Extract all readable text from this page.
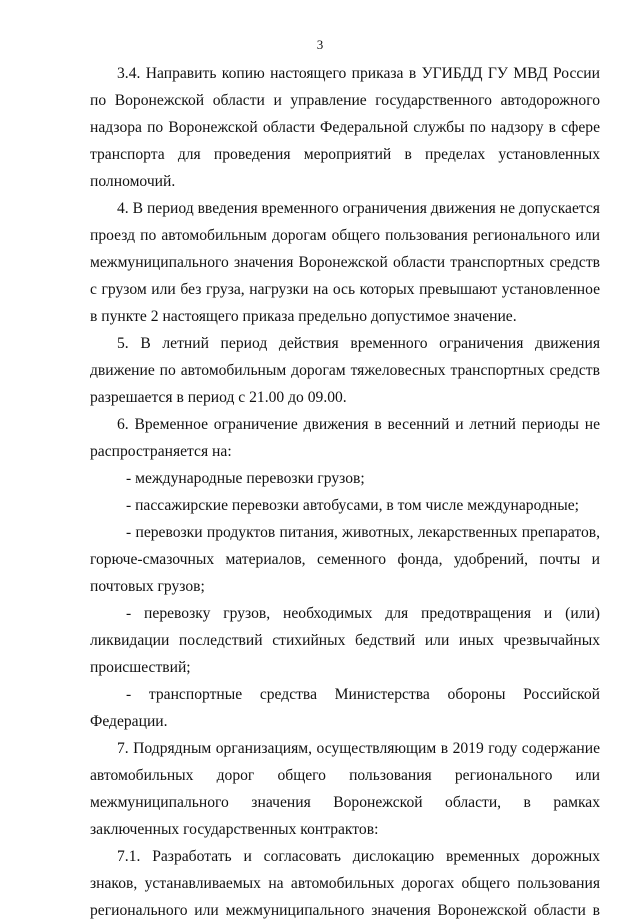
3

3.4. Направить копию настоящего приказа в УГИБДД ГУ МВД России по Воронежской области и управление государственного автодорожного надзора по Воронежской области Федеральной службы по надзору в сфере транспорта для проведения мероприятий в пределах установленных полномочий.

4. В период введения временного ограничения движения не допускается проезд по автомобильным дорогам общего пользования регионального или межмуниципального значения Воронежской области транспортных средств с грузом или без груза, нагрузки на ось которых превышают установленное в пункте 2 настоящего приказа предельно допустимое значение.

5. В летний период действия временного ограничения движения движение по автомобильным дорогам тяжеловесных транспортных средств разрешается в период с 21.00 до 09.00.

6. Временное ограничение движения в весенний и летний периоды не распространяется на:

- международные перевозки грузов;

- пассажирские перевозки автобусами, в том числе международные;

- перевозки продуктов питания, животных, лекарственных препаратов, горюче-смазочных материалов, семенного фонда, удобрений, почты и почтовых грузов;

- перевозку грузов, необходимых для предотвращения и (или) ликвидации последствий стихийных бедствий или иных чрезвычайных происшествий;

- транспортные средства Министерства обороны Российской Федерации.

7. Подрядным организациям, осуществляющим в 2019 году содержание автомобильных дорог общего пользования регионального или межмуниципального значения Воронежской области, в рамках заключенных государственных контрактов:

7.1. Разработать и согласовать дислокацию временных дорожных знаков, устанавливаемых на автомобильных дорогах общего пользования регионального или межмуниципального значения Воронежской области в
